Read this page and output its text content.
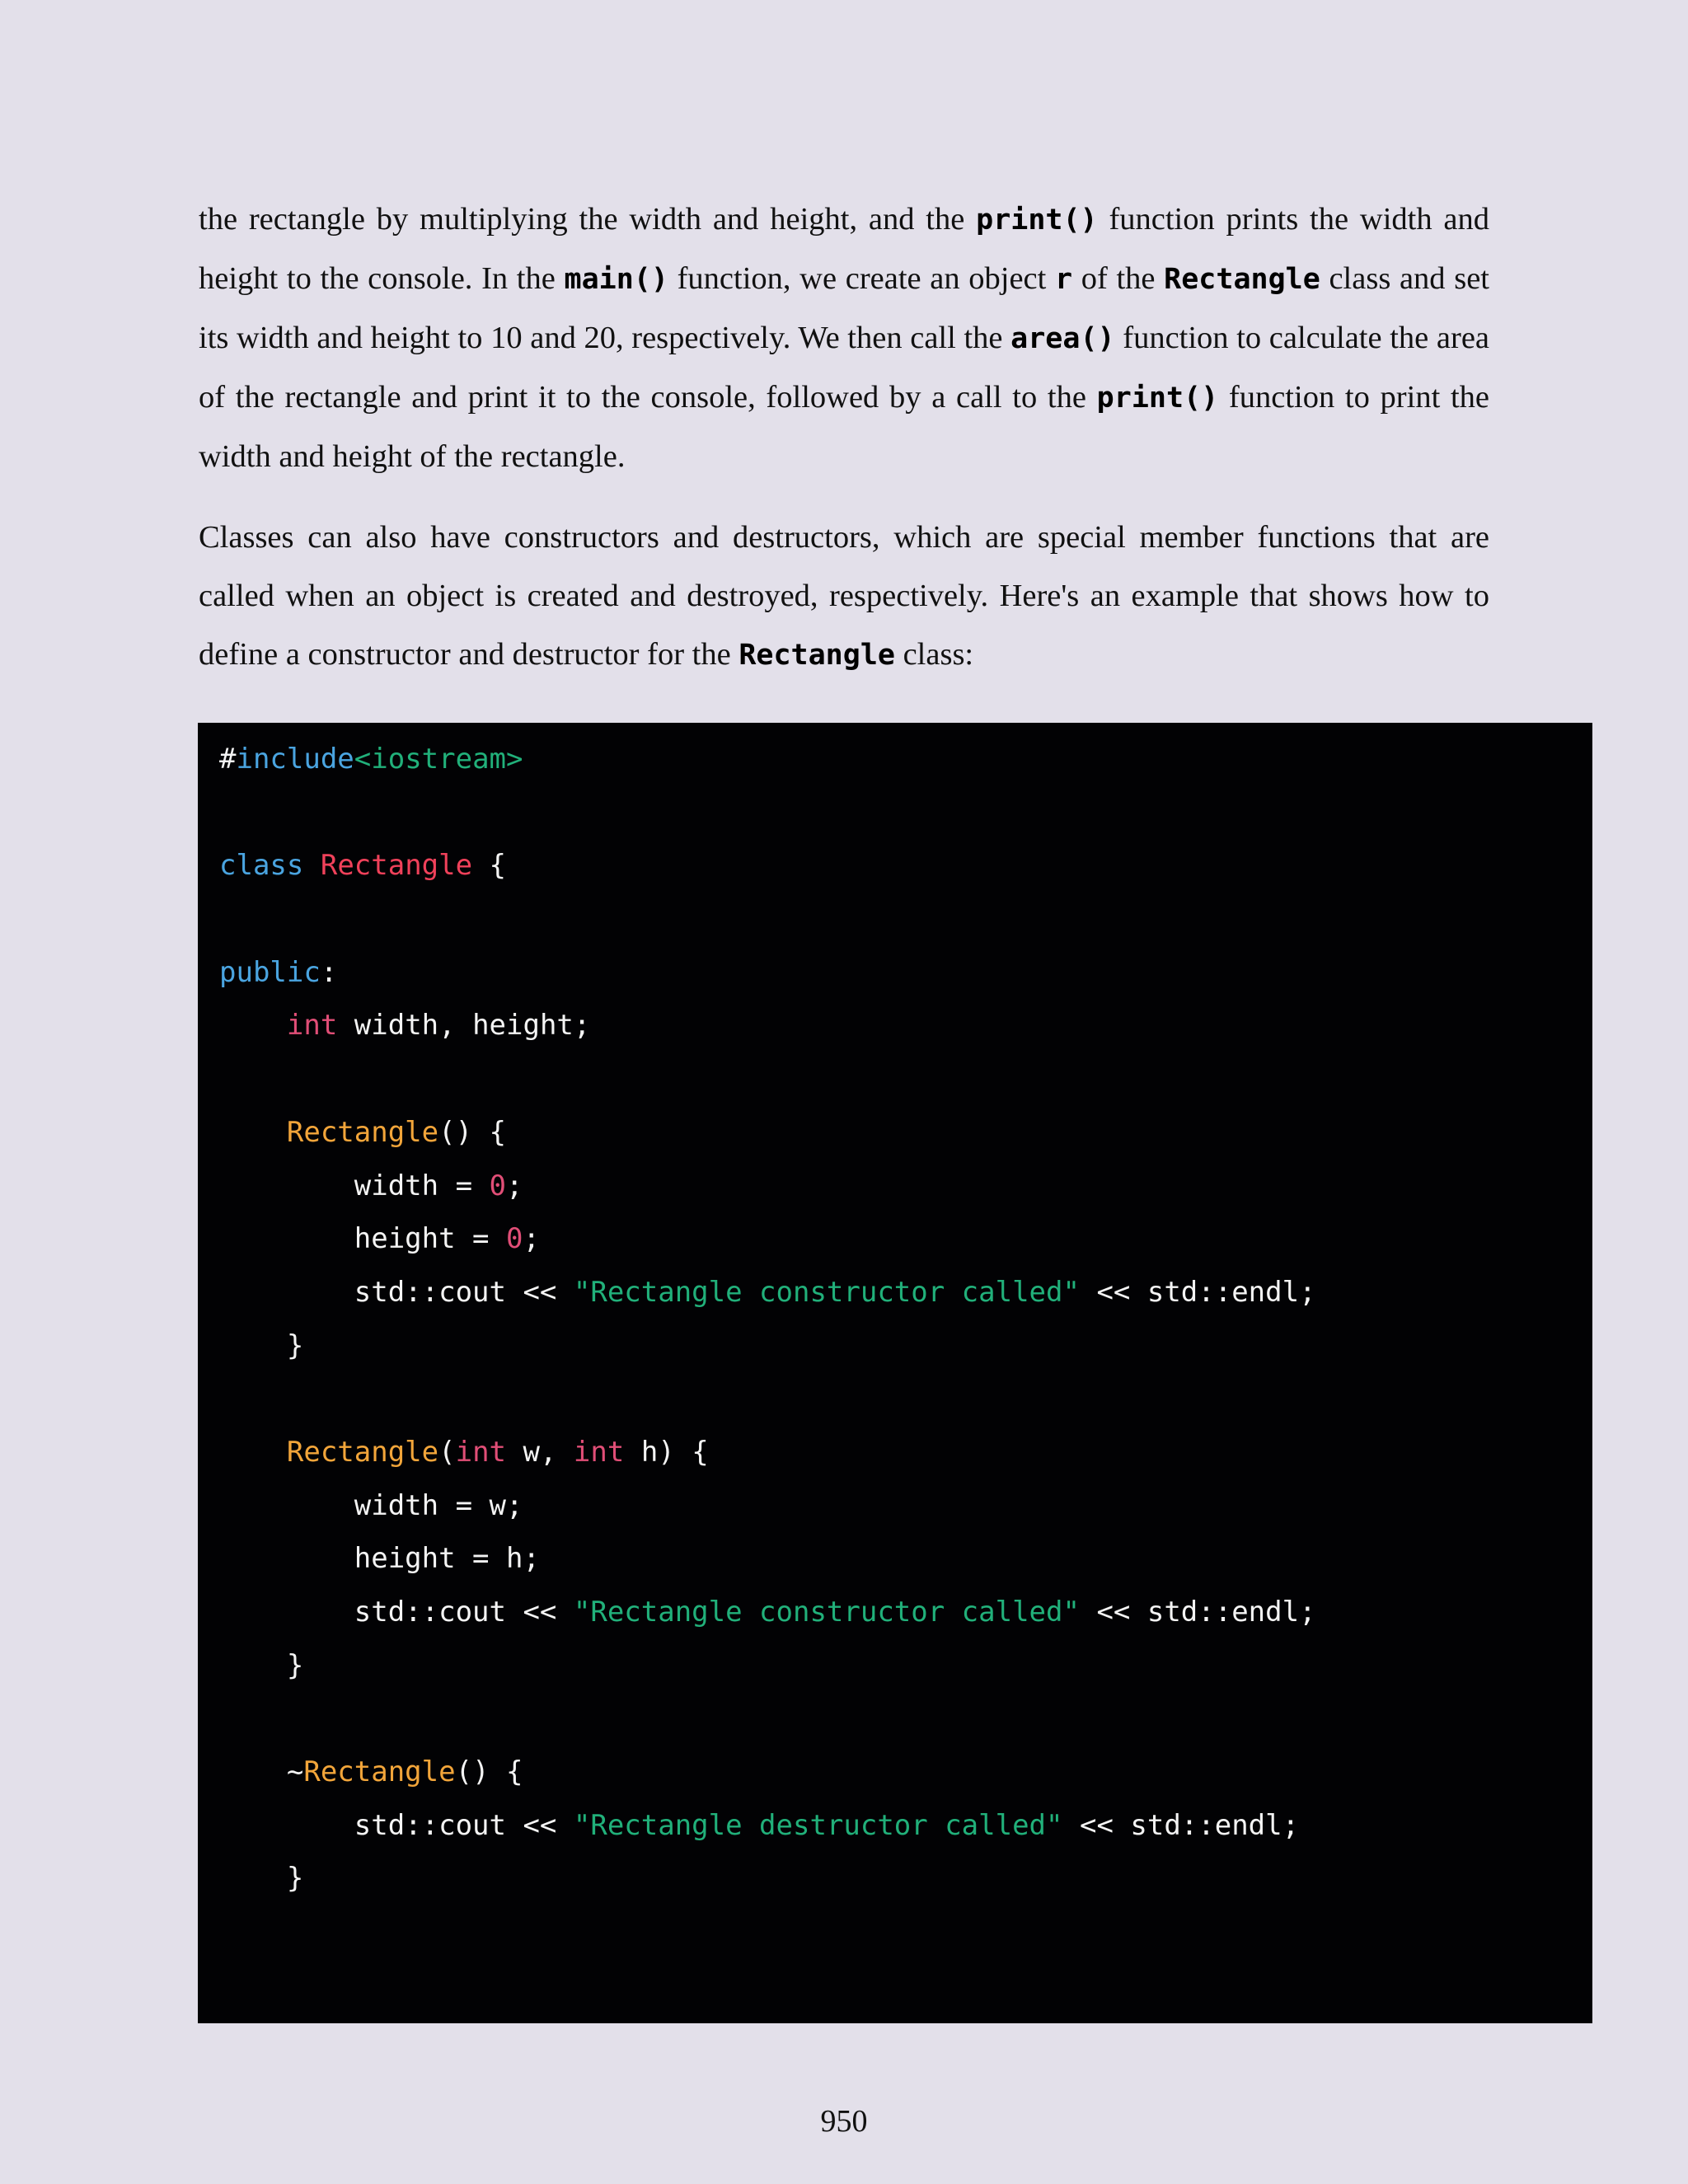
the rectangle by multiplying the width and height, and the print() function prints the width and height to the console. In the main() function, we create an object r of the Rectangle class and set its width and height to 10 and 20, respectively. We then call the area() function to calculate the area of the rectangle and print it to the console, followed by a call to the print() function to print the width and height of the rectangle.

Classes can also have constructors and destructors, which are special member functions that are called when an object is created and destroyed, respectively. Here's an example that shows how to define a constructor and destructor for the Rectangle class:

#include<iostream>

class Rectangle {

public:
int width, height;

Rectangle() {
width = 0;
height = 0;
std::cout << "Rectangle constructor called" << std::endl;
}

Rectangle(int w, int h) {
width = w;
height = h;
std::cout << "Rectangle constructor called" << std::endl;
}

~Rectangle() {
std::cout << "Rectangle destructor called" << std::endl;
}
950
